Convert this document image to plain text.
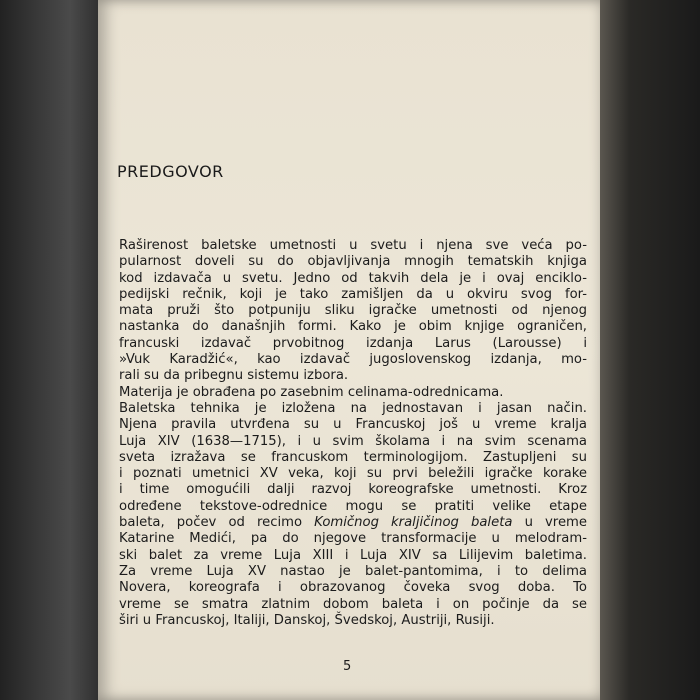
PREDGOVOR
Raširenost baletske umetnosti u svetu i njena sve veća po-
pularnost doveli su do objavljivanja mnogih tematskih knjiga
kod izdavača u svetu. Jedno od takvih dela je i ovaj enciklo-
pedijski rečnik, koji je tako zamišljen da u okviru svog for-
mata pruži što potpuniju sliku igračke umetnosti od njenog
nastanka do današnjih formi. Kako je obim knjige ograničen,
francuski izdavač prvobitnog izdanja Larus (Larousse) i
»Vuk Karadžić«, kao izdavač jugoslovenskog izdanja, mo-
rali su da pribegnu sistemu izbora.
Materija je obrađena po zasebnim celinama-odrednicama.
Baletska tehnika je izložena na jednostavan i jasan način.
Njena pravila utvrđena su u Francuskoj još u vreme kralja
Luja XIV (1638—1715), i u svim školama i na svim scenama
sveta izražava se francuskom terminologijom. Zastupljeni su
i poznati umetnici XV veka, koji su prvi beležili igračke korake
i time omogućili dalji razvoj koreografske umetnosti. Kroz
određene tekstove-odrednice mogu se pratiti velike etape
baleta, počev od recimo Komičnog kraljičinog baleta u vreme
Katarine Medići, pa do njegove transformacije u melodram-
ski balet za vreme Luja XIII i Luja XIV sa Lilijevim baletima.
Za vreme Luja XV nastao je balet-pantomima, i to delima
Novera, koreografa i obrazovanog čoveka svog doba. To
vreme se smatra zlatnim dobom baleta i on počinje da se
širi u Francuskoj, Italiji, Danskoj, Švedskoj, Austriji, Rusiji.
5
